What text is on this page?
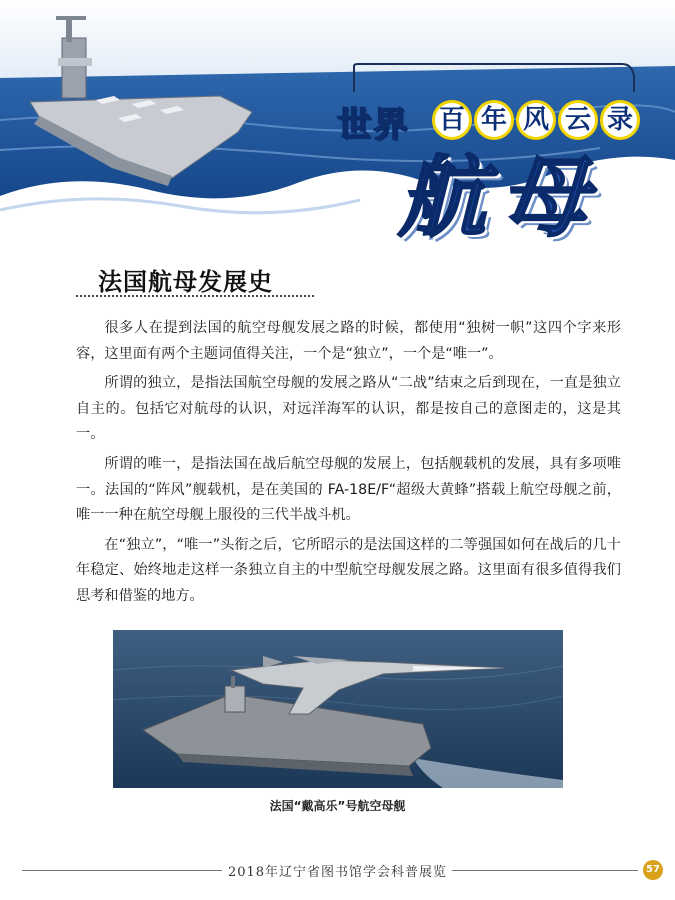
世界 百 年 风 云 录
航母
法国航母发展史

很多人在提到法国的航空母舰发展之路的时候，都使用“独树一帜”这四个字来形容，这里面有两个主题词值得关注，一个是“独立”，一个是“唯一”。

所谓的独立，是指法国航空母舰的发展之路从“二战”结束之后到现在，一直是独立自主的。包括它对航母的认识，对远洋海军的认识，都是按自己的意图走的，这是其一。

所谓的唯一，是指法国在战后航空母舰的发展上，包括舰载机的发展，具有多项唯一。法国的“阵风”舰载机，是在美国的 FA-18E/F“超级大黄蜂”搭载上航空母舰之前，唯一一种在航空母舰上服役的三代半战斗机。

在“独立”，“唯一”头衔之后，它所昭示的是法国这样的二等强国如何在战后的几十年稳定、始终地走这样一条独立自主的中型航空母舰发展之路。这里面有很多值得我们思考和借鉴的地方。

法国“戴高乐”号航空母舰
2018年辽宁省图书馆学会科普展览	57
